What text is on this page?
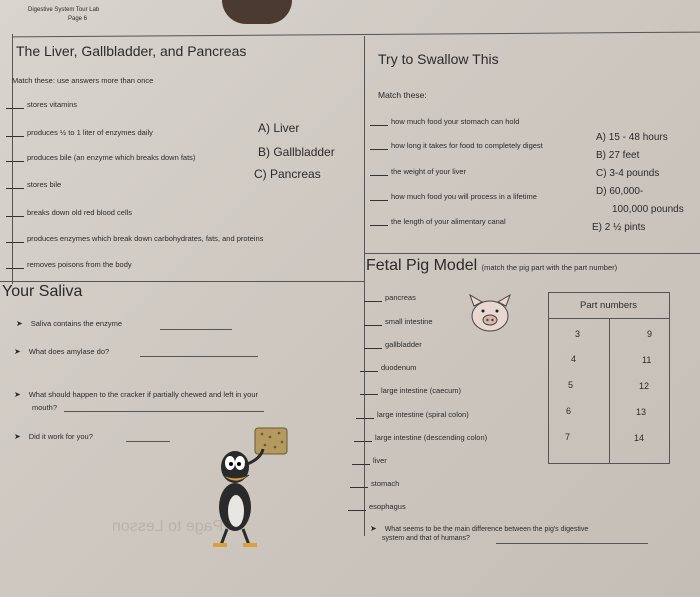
Digestive System Tour Lab
Page 6
The Liver, Gallbladder, and Pancreas
Match these: use answers more than once
stores vitamins
produces ½ to 1 liter of enzymes daily
produces bile (an enzyme which breaks down fats)
stores bile
breaks down old red blood cells
produces enzymes which break down carbohydrates, fats, and proteins
removes poisons from the body
A) Liver
B) Gallbladder
C) Pancreas
Try to Swallow This
Match these:
how much food your stomach can hold
how long it takes for food to completely digest
the weight of your liver
how much food you will process in a lifetime
the length of your alimentary canal
A) 15 - 48 hours
B) 27 feet
C) 3-4 pounds
D) 60,000-
100,000 pounds
E) 2 ½ pints
Your Saliva
➤ Saliva contains the enzyme
➤ What does amylase do?
➤ What should happen to the cracker if partially chewed and left in your
mouth?
➤ Did it work for you?
Page to Lesson
Fetal Pig Model (match the pig part with the part number)
pancreas
small intestine
gallbladder
duodenum
large intestine (caecum)
large intestine (spiral colon)
large intestine (descending colon)
liver
stomach
esophagus
Part numbers
3
4
5
6
7
9
11
12
13
14
➤ What seems to be the main difference between the pig's digestive
system and that of humans?
